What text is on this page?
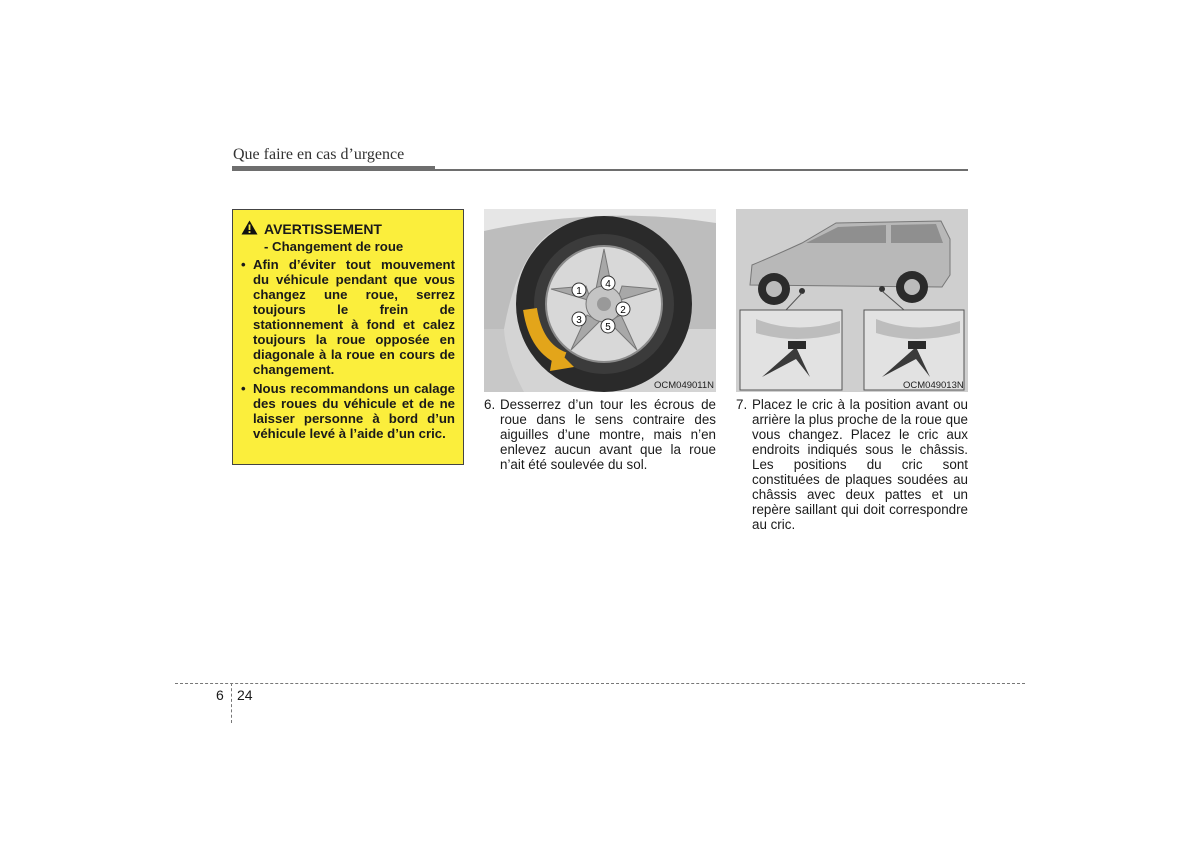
Que faire en cas d’urgence
AVERTISSEMENT
- Changement de roue
• Afin d’éviter tout mouvement du véhicule pendant que vous changez une roue, serrez toujours le frein de stationnement à fond et calez toujours la roue opposée en diagonale à la roue en cours de changement.
• Nous recommandons un calage des roues du véhicule et de ne laisser personne à bord d’un véhicule levé à l’aide d’un cric.
1
4
2
3
5
OCM049011N	OCM049013N
6. Desserrez d’un tour les écrous de roue dans le sens contraire des aiguilles d’une montre, mais n’en enlevez aucun avant que la roue n’ait été soulevée du sol.
7. Placez le cric à la position avant ou arrière la plus proche de la roue que vous changez. Placez le cric aux endroits indiqués sous le châssis. Les positions du cric sont constituées de plaques soudées au châssis avec deux pattes et un repère saillant qui doit correspondre au cric.
6 24
